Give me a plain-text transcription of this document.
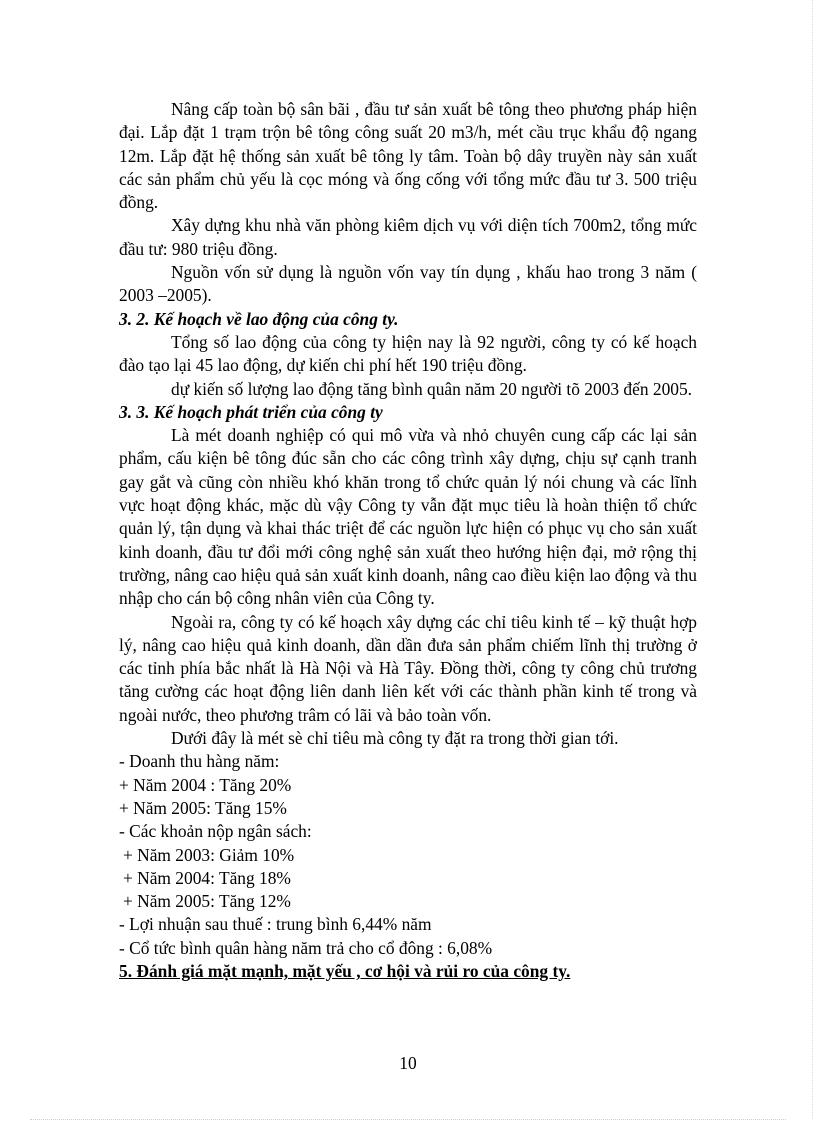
Nâng cấp toàn bộ sân bãi , đầu tư sản xuất bê tông theo phương pháp hiện đại. Lắp đặt 1 trạm trộn bê tông công suất 20 m3/h, mét cầu trục khẩu độ ngang 12m. Lắp đặt hệ thống sản xuất bê tông ly tâm. Toàn bộ dây truyền này sản xuất các sản phẩm chủ yếu là cọc móng và ống cống với tổng mức đầu tư 3. 500 triệu đồng.

Xây dựng khu nhà văn phòng kiêm dịch vụ với diện tích 700m2, tổng mức đầu tư: 980 triệu đồng.

Nguồn vốn sử dụng là nguồn vốn vay tín dụng , khấu hao trong 3 năm ( 2003 –2005).

3. 2. Kế hoạch về lao động của công ty.

Tổng số lao động của công ty hiện nay là 92 người, công ty có kế hoạch đào tạo lại 45 lao động, dự kiến chi phí hết 190 triệu đồng.

dự kiến số lượng lao động tăng bình quân năm 20 người tõ 2003 đến 2005.

3. 3. Kế hoạch phát triển của công ty

Là mét doanh nghiệp có qui mô vừa và nhỏ chuyên cung cấp các lại sản phẩm, cấu kiện bê tông đúc sẵn cho các công trình xây dựng, chịu sự cạnh tranh gay gắt và cũng còn nhiều khó khăn trong tổ chức quản lý nói chung và các lĩnh vực hoạt động khác, mặc dù vậy Công ty vẫn đặt mục tiêu là hoàn thiện tổ chức quản lý, tận dụng và khai thác triệt để các nguồn lực hiện có phục vụ cho sản xuất kinh doanh, đầu tư đổi mới công nghệ sản xuất theo hướng hiện đại, mở rộng thị trường, nâng cao hiệu quả sản xuất kinh doanh, nâng cao điều kiện lao động và thu nhập cho cán bộ công nhân viên của Công ty.

Ngoài ra, công ty có kế hoạch xây dựng các chỉ tiêu kinh tế – kỹ thuật hợp lý, nâng cao hiệu quả kinh doanh, dần dần đưa sản phẩm chiếm lĩnh thị trường ở các tỉnh phía bắc nhất là Hà Nội và Hà Tây. Đồng thời, công ty công chủ trương tăng cường các hoạt động liên danh liên kết với các thành phần kinh tế trong và ngoài nước, theo phương trâm có lãi và bảo toàn vốn.

Dưới đây là mét sè chỉ tiêu mà công ty đặt ra trong thời gian tới.

- Doanh thu hàng năm:

+ Năm 2004 : Tăng 20%

+ Năm 2005: Tăng 15%

- Các khoản nộp ngân sách:

+ Năm 2003: Giảm 10%

+ Năm 2004: Tăng 18%

+ Năm 2005: Tăng 12%

- Lợi nhuận sau thuế : trung bình 6,44% năm

- Cổ tức bình quân hàng năm trả cho cổ đông : 6,08%

5. Đánh giá mặt mạnh, mặt yếu , cơ hội và rủi ro của công ty.

10
